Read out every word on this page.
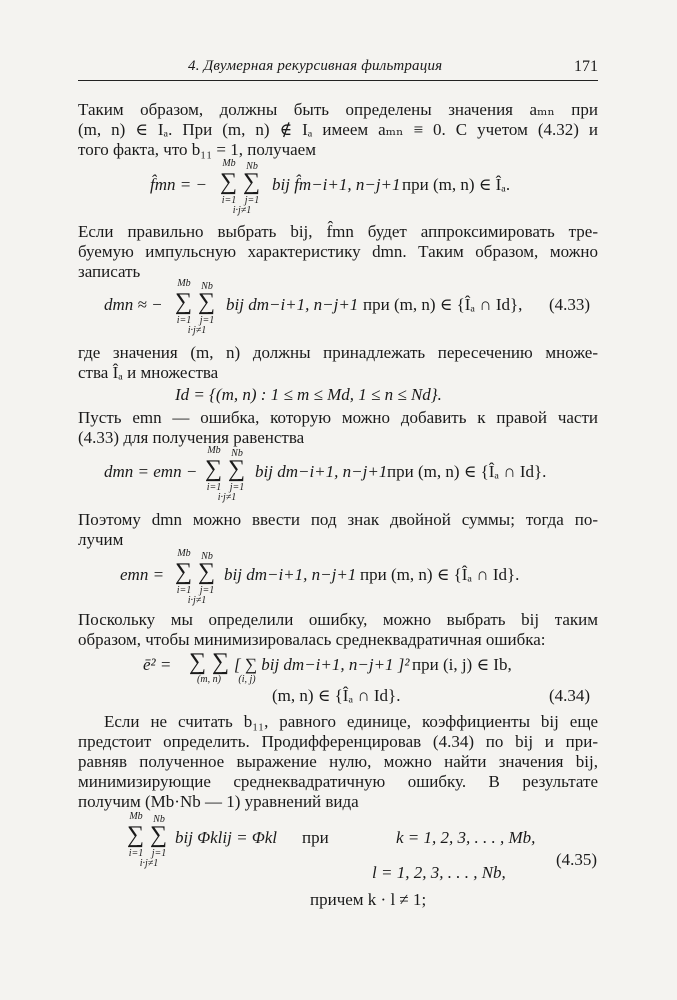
4. Двумерная рекурсивная фильтрация	171
Таким образом, должны быть определены значения aₘₙ при
(m, n) ∈ Iₐ. При (m, n) ∉ Iₐ имеем aₘₙ ≡ 0. С учетом (4.32) и
того факта, что b₁₁ = 1, получаем
f̂mn = −
Mb Nb
∑ ∑
i=1 j=1
i·j≠1
bij f̂m−i+1, n−j+1 при (m, n) ∈ Îₐ.
Если правильно выбрать bij, f̂mn будет аппроксимировать тре-
буемую импульсную характеристику dmn. Таким образом, можно
записать
dmn ≈ −
Mb Nb
∑ ∑
i=1 j=1
i·j≠1
bij dm−i+1, n−j+1 при (m, n) ∈ {Îₐ ∩ Id}, (4.33)
где значения (m, n) должны принадлежать пересечению множе-
ства Îₐ и множества
Id = {(m, n) : 1 ≤ m ≤ Md, 1 ≤ n ≤ Nd}.
Пусть emn — ошибка, которую можно добавить к правой части
(4.33) для получения равенства
dmn = emn −
Mb Nb
∑ ∑
i=1 j=1
i·j≠1
bij dm−i+1, n−j+1 при (m, n) ∈ {Îₐ ∩ Id}.
Поэтому dmn можно ввести под знак двойной суммы; тогда по-
лучим
emn =
Mb Nb
∑ ∑
i=1 j=1
i·j≠1
bij dm−i+1, n−j+1 при (m, n) ∈ {Îₐ ∩ Id}.
Поскольку мы определили ошибку, можно выбрать bij таким
образом, чтобы минимизировалась среднеквадратичная ошибка:
ē² = ∑ ∑
(m, n)	(i, j)
[ ∑ bij dm−i+1, n−j+1 ]² при (i, j) ∈ Ib,
(m, n) ∈ {Îₐ ∩ Id}.	(4.34)
Если не считать b₁₁, равного единице, коэффициенты bij еще
предстоит определить. Продифференцировав (4.34) по bij и при-
равняв полученное выражение нулю, можно найти значения bij,
минимизирующие среднеквадратичную ошибку. В результате
получим (Mb·Nb — 1) уравнений вида
Mb Nb
∑ ∑
i=1 j=1
i·j≠1
bij Φklij = Φkl при	k = 1, 2, 3, . . . , Mb,
l = 1, 2, 3, . . . , Nb,
(4.35)
причем k · l ≠ 1;
